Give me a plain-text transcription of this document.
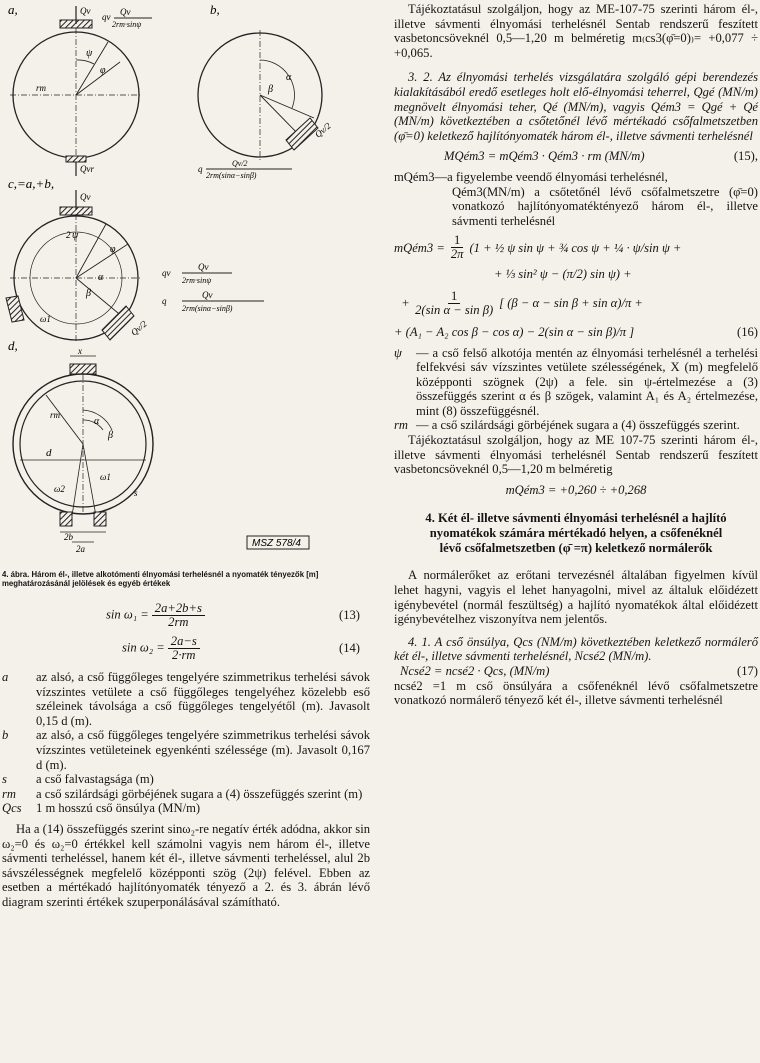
a,	Qv
qv Qv
2rm·sinψ
ψ
φ
rm
Qvr
b,
α
β
Qv/2
q
Qv/2
2rm(sinα−sinβ)
c,=a,+b,
Qv
2 ψ
φ
α
β
ω1	Qv/2
qv
Qv
2rm·sinψ
q
Qv
2rm(sinα−sinβ)
d,	x
rm
α
β
d
s
ω2
ω1
2b
2a	MSZ 578/4

4. ábra. Három él-, illetve alkotómenti élnyomási terhelésnél a nyomaték tényezők [m] meghatározásánál jelölések és egyéb értékek

$\sin \omega_1 = \frac{2a+2b+s}{2rm}$	(13)
$\sin \omega_2 = \frac{2a-s}{2\cdot rm}$	(14)
a	az alsó, a cső függőleges tengelyére szimmetrikus terhelési sávok vízszintes vetülete a cső függőleges tengelyéhez közelebb eső széleinek távolsága a cső függőleges tengelyétől (m). Javasolt 0,15 d (m).
b	az alsó, a cső függőleges tengelyére szimmetrikus terhelési sávok vízszintes vetületeinek egyenkénti szélessége (m). Javasolt 0,167 d (m).
s	a cső falvastagsága (m)
rm	a cső szilárdsági görbéjének sugara a (4) összefüggés szerint (m)
Qcs	1 m hosszú cső önsúlya (MN/m)

Ha a (14) összefüggés szerint sinω₂-re negatív érték adódna, akkor sin ω₂=0 és ω₂=0 értékkel kell számolni vagyis nem három él-, illetve sávmenti terheléssel, hanem két él-, illetve sávmenti terheléssel, alul 2b sávszélességnek megfelelő középponti szög (2ψ) felével. Ebben az esetben a mértékadó hajlítónyomaték tényező a 2. és 3. ábrán lévő diagram szerinti értékek szuperponálásával számítható.

Tájékoztatásul szolgáljon, hogy az ME-107-75 szerinti három él-, illetve sávmenti élnyomási terhelésnél Sentab rendszerű feszített vasbetoncsöveknél 0,5—1,20 m belméretig m₍cs3(φ̄=0)₎= +0,077 ÷ +0,065.

3. 2. Az élnyomási terhelés vizsgálatára szolgáló gépi berendezés kialakításából eredő esetleges holt elő-élnyomási teherrel, Qgé (MN/m) megnövelt élnyomási teher, Qé (MN/m), vagyis Qém3 = Qgé + Qé (MN/m) következtében a csőtetőnél lévő mértékadó csőfalmetszetben (φ̄=0) keletkező hajlítónyomaték három él-, illetve sávmenti terhelésnél

MQém3 = mQém3 · Qém3 · rm (MN/m)	(15),

mQém3—a figyelembe veendő élnyomási terhelésnél,

Qém3(MN/m) a csőtetőnél lévő csőfalmetszetre (φ̄=0) vonatkozó hajlítónyomatéktényező három él-, illetve sávmenti terhelésnél

mQém3 = $\frac{1}{2\pi} (1$ + ½ ψ sin ψ + ¾ cos ψ + ¼ · ψ/sin ψ +
+ ⅓ sin² ψ − (π/2) sin ψ) +
+ $\frac{1}{\text{2(sin α − sin β)}}$ [ (β − α − sin β + sin α)/π +
+ (A₁ − A₂ cos β − cos α) − 2(sin α − sin β)/π ]	(16)
ψ	— a cső felső alkotója mentén az élnyomási terhelésnél a terhelési felfekvési sáv vízszintes vetülete szélességének, X (m) megfelelő középponti szögnek (2ψ) a fele. sin ψ-értelmezése a (3) összefüggés szerint α és β szögek, valamint A₁ és A₂ értelmezése, mint (8) összefüggésnél.
rm — a cső szilárdsági görbéjének sugara a (4) összefüggés szerint.

Tájékoztatásul szolgáljon, hogy az ME 107-75 szerinti három él-, illetve sávmenti élnyomási terhelésnél Sentab rendszerű feszített vasbetoncsöveknél 0,5—1,20 m belméretig

mQém3 = +0,260 ÷ +0,268

4. Két él- illetve sávmenti élnyomási terhelésnél a hajlító nyomatékok számára mértékadó helyen, a csőfenéknél lévő csőfalmetszetben (φ̄ =π) keletkező normálerők

A normálerőket az erőtani tervezésnél általában figyelmen kívül lehet hagyni, vagyis el lehet hanyagolni, mivel az általuk előidézett igénybevétel (normál feszültség) a hajlító nyomatékok által előidézett igénybevételhez viszonyítva nem jelentős.

4. 1. A cső önsúlya, Qcs (NM/m) következtében keletkező normálerő két él-, illetve sávmenti terhelésnél, Ncsé2 (MN/m).

Ncsé2 = ncsé2 · Qcs, (MN/m)	(17)

ncsé2 =1 m cső önsúlyára a csőfenéknél lévő csőfalmetszetre vonatkozó normálerő tényező két él-, illetve sávmenti terhelésnél
